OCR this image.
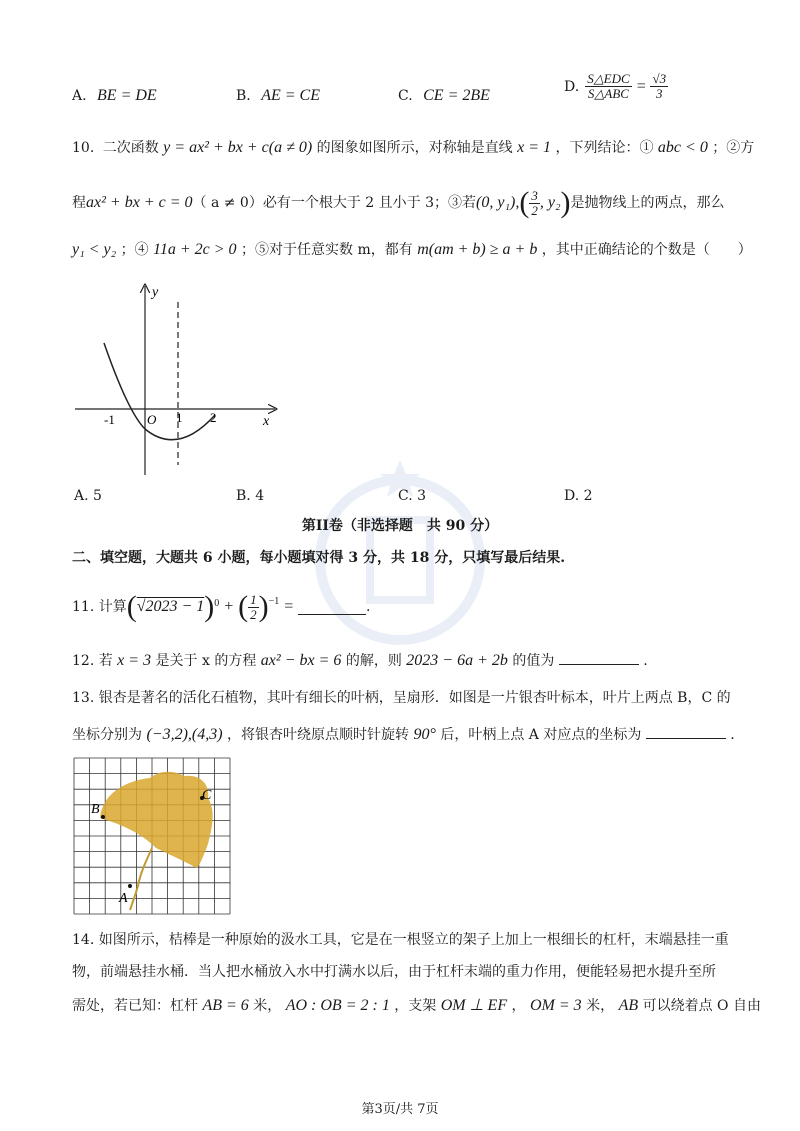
A. BE = DE	B. AE = CE	C. CE = 2BE
D. $\frac{\text{S△EDC}}{\text{S△ABC}} = \frac{√3}{3}$
10. 二次函数 y = ax² + bx + c(a ≠ 0) 的图象如图所示，对称轴是直线 x = 1 ，下列结论：① abc < 0 ；②方
程 ax² + bx + c = 0 （ a ≠ 0） 必有一个根大于 2 且小于 3；③若 (0, y₁), ( $\frac{3}{2}$ , y₂ ) 是抛物线上的两点，那么
y₁ < y₂ ；④ 11a + 2c > 0 ；⑤对于任意实数 m，都有 m(am + b) ≥ a + b ，其中正确结论的个数是（　　）
y
x
O
-1	1 2
A. 5	B. 4	C. 3	D. 2
第II卷（非选择题　共 90 分）
二、填空题，大题共 6 小题，每小题填对得 3 分，共 18 分，只填写最后结果.
11. 计算 ( √2023 − 1 ) 0 + ( $\frac{1}{2}$ ) −1 =	.
12. 若 x = 3 是关于 x 的方程 ax² − bx = 6 的解，则 2023 − 6a + 2b 的值为	.
13. 银杏是著名的活化石植物，其叶有细长的叶柄，呈扇形．如图是一片银杏叶标本，叶片上两点 B，C 的
坐标分别为 (−3,2),(4,3) ，将银杏叶绕原点顺时针旋转 90° 后，叶柄上点 A 对应点的坐标为	.
B
C
A
14. 如图所示，桔棒是一种原始的汲水工具，它是在一根竖立的架子上加上一根细长的杠杆，末端悬挂一重
物，前端悬挂水桶．当人把水桶放入水中打满水以后，由于杠杆末端的重力作用，便能轻易把水提升至所
需处，若已知：杠杆 AB = 6 米， AO : OB = 2 : 1 ，支架 OM ⊥ EF ， OM = 3 米， AB 可以绕着点 O 自由
第3页/共 7页
